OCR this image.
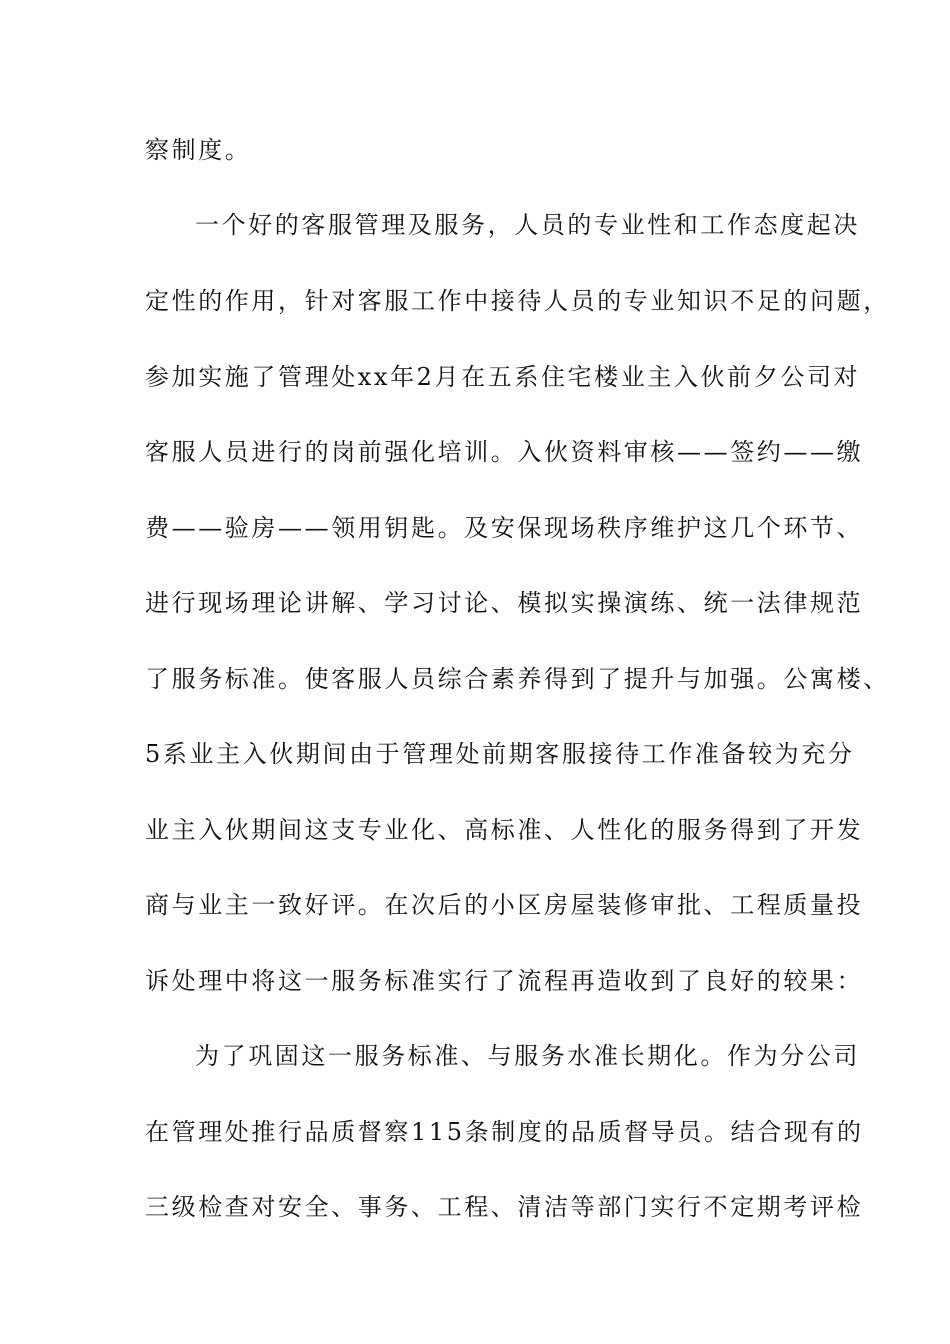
察制度。
一个好的客服管理及服务，人员的专业性和工作态度起决
定性的作用，针对客服工作中接待人员的专业知识不足的问题，
参加实施了管理处xx年2月在五系住宅楼业主入伙前夕公司对
客服人员进行的岗前强化培训。入伙资料审核——签约——缴
费——验房——领用钥匙。及安保现场秩序维护这几个环节、
进行现场理论讲解、学习讨论、模拟实操演练、统一法律规范
了服务标准。使客服人员综合素养得到了提升与加强。公寓楼、
5系业主入伙期间由于管理处前期客服接待工作准备较为充分
业主入伙期间这支专业化、高标准、人性化的服务得到了开发
商与业主一致好评。在次后的小区房屋装修审批、工程质量投
诉处理中将这一服务标准实行了流程再造收到了良好的较果：
为了巩固这一服务标准、与服务水准长期化。作为分公司
在管理处推行品质督察115条制度的品质督导员。结合现有的
三级检查对安全、事务、工程、清洁等部门实行不定期考评检
